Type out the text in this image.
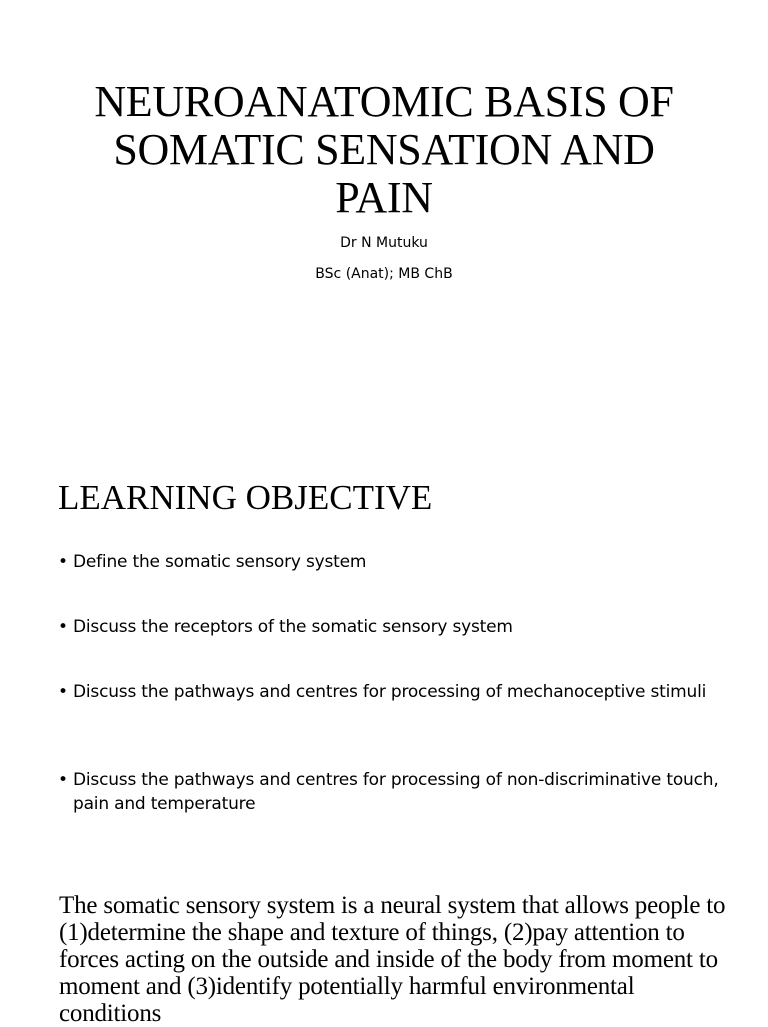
NEUROANATOMIC BASIS OF SOMATIC SENSATION AND PAIN
Dr N Mutuku
BSc (Anat); MB ChB
LEARNING OBJECTIVE
• Define the somatic sensory system
• Discuss the receptors of the somatic sensory system
• Discuss the pathways and centres for processing of mechanoceptive stimuli
• Discuss the pathways and centres for processing of non-discriminative touch, pain and temperature

The somatic sensory system is a neural system that allows people to (1)determine the shape and texture of things, (2)pay attention to forces acting on the outside and inside of the body from moment to moment and (3)identify potentially harmful environmental conditions
